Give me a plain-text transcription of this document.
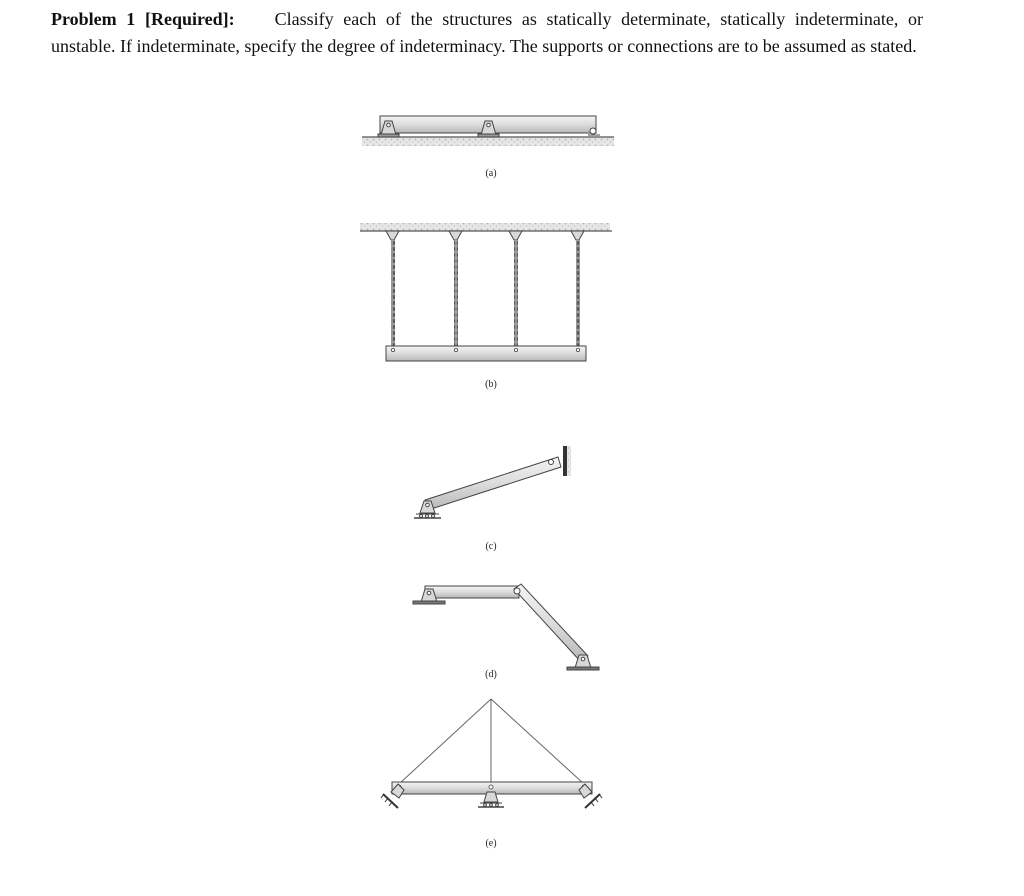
Problem 1 [Required]: Classify each of the structures as statically determinate, statically indeterminate, or unstable. If indeterminate, specify the degree of indeterminacy. The supports or connections are to be assumed as stated.

(a)
(b)
(c)
(d)
(e)
